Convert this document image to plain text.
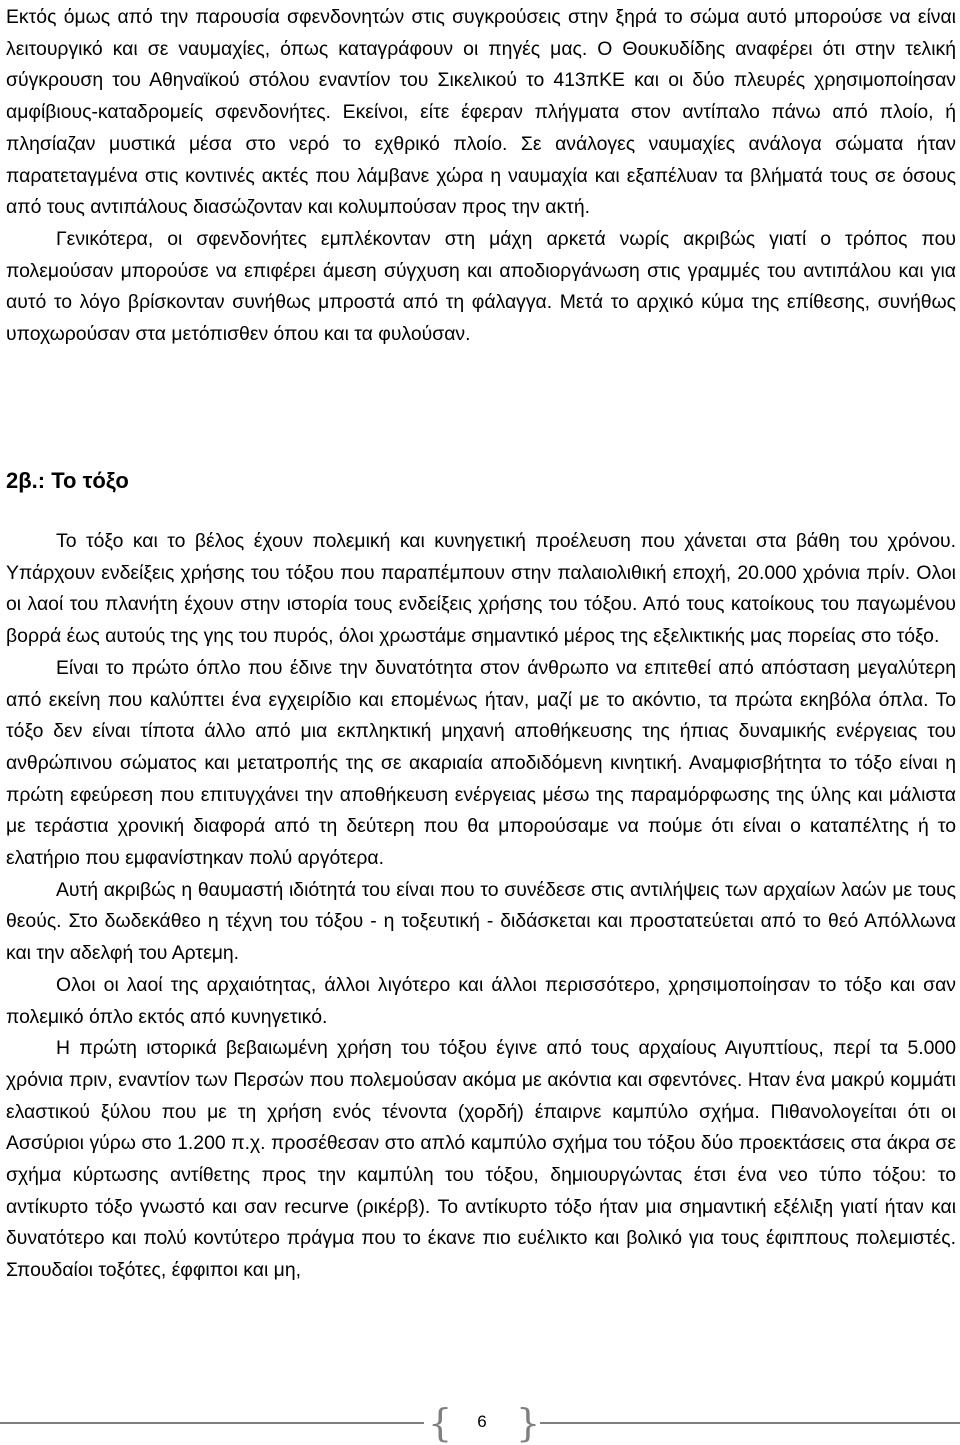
Εκτός όμως από την παρουσία σφενδονητών στις συγκρούσεις στην ξηρά το σώμα αυτό μπορούσε να είναι λειτουργικό και σε ναυμαχίες, όπως καταγράφουν οι πηγές μας. Ο Θουκυδίδης αναφέρει ότι στην τελική σύγκρουση του Αθηναϊκού στόλου εναντίον του Σικελικού το 413πΚΕ και οι δύο πλευρές χρησιμοποίησαν αμφίβιους-καταδρομείς σφενδονήτες. Εκείνοι, είτε έφεραν πλήγματα στον αντίπαλο πάνω από πλοίο, ή πλησίαζαν μυστικά μέσα στο νερό το εχθρικό πλοίο. Σε ανάλογες ναυμαχίες ανάλογα σώματα ήταν παρατεταγμένα στις κοντινές ακτές που λάμβανε χώρα η ναυμαχία και εξαπέλυαν τα βλήματά τους σε όσους από τους αντιπάλους διασώζονταν και κολυμπούσαν προς την ακτή.

Γενικότερα, οι σφενδονήτες εμπλέκονταν στη μάχη αρκετά νωρίς ακριβώς γιατί ο τρόπος που πολεμούσαν μπορούσε να επιφέρει άμεση σύγχυση και αποδιοργάνωση στις γραμμές του αντιπάλου και για αυτό το λόγο βρίσκονταν συνήθως μπροστά από τη φάλαγγα. Μετά το αρχικό κύμα της επίθεσης, συνήθως υποχωρούσαν στα μετόπισθεν όπου και τα φυλούσαν.

2β.: Το τόξο

Το τόξο και το βέλος έχουν πολεμική και κυνηγετική προέλευση που χάνεται στα βάθη του χρόνου. Υπάρχουν ενδείξεις χρήσης του τόξου που παραπέμπουν στην παλαιολιθική εποχή, 20.000 χρόνια πρίν. Ολοι οι λαοί του πλανήτη έχουν στην ιστορία τους ενδείξεις χρήσης του τόξου. Από τους κατοίκους του παγωμένου βορρά έως αυτούς της γης του πυρός, όλοι χρωστάμε σημαντικό μέρος της εξελικτικής μας πορείας στο τόξο.

Είναι το πρώτο όπλο που έδινε την δυνατότητα στον άνθρωπο να επιτεθεί από απόσταση μεγαλύτερη από εκείνη που καλύπτει ένα εγχειρίδιο και επομένως ήταν, μαζί με το ακόντιο, τα πρώτα εκηβόλα όπλα. Το τόξο δεν είναι τίποτα άλλο από μια εκπληκτική μηχανή αποθήκευσης της ήπιας δυναμικής ενέργειας του ανθρώπινου σώματος και μετατροπής της σε ακαριαία αποδιδόμενη κινητική. Αναμφισβήτητα το τόξο είναι η πρώτη εφεύρεση που επιτυγχάνει την αποθήκευση ενέργειας μέσω της παραμόρφωσης της ύλης και μάλιστα με τεράστια χρονική διαφορά από τη δεύτερη που θα μπορούσαμε να πούμε ότι είναι ο καταπέλτης ή το ελατήριο που εμφανίστηκαν πολύ αργότερα.

Αυτή ακριβώς η θαυμαστή ιδιότητά του είναι που το συνέδεσε στις αντιλήψεις των αρχαίων λαών με τους θεούς. Στο δωδεκάθεο η τέχνη του τόξου - η τοξευτική - διδάσκεται και προστατεύεται από το θεό Απόλλωνα και την αδελφή του Αρτεμη.

Ολοι οι λαοί της αρχαιότητας, άλλοι λιγότερο και άλλοι περισσότερο, χρησιμοποίησαν το τόξο και σαν πολεμικό όπλο εκτός από κυνηγετικό.

Η πρώτη ιστορικά βεβαιωμένη χρήση του τόξου έγινε από τους αρχαίους Αιγυπτίους, περί τα 5.000 χρόνια πριν, εναντίον των Περσών που πολεμούσαν ακόμα με ακόντια και σφεντόνες. Ηταν ένα μακρύ κομμάτι ελαστικού ξύλου που με τη χρήση ενός τένοντα (χορδή) έπαιρνε καμπύλο σχήμα. Πιθανολογείται ότι οι Ασσύριοι γύρω στο 1.200 π.χ. προσέθεσαν στο απλό καμπύλο σχήμα του τόξου δύο προεκτάσεις στα άκρα σε σχήμα κύρτωσης αντίθετης προς την καμπύλη του τόξου, δημιουργώντας έτσι ένα νεο τύπο τόξου: το αντίκυρτο τόξο γνωστό και σαν recurve (ρικέρβ). Το αντίκυρτο τόξο ήταν μια σημαντική εξέλιξη γιατί ήταν και δυνατότερο και πολύ κοντύτερο πράγμα που το έκανε πιο ευέλικτο και βολικό για τους έφιππους πολεμιστές. Σπουδαίοι τοξότες, έφφιποι και μη,

{	6 }
